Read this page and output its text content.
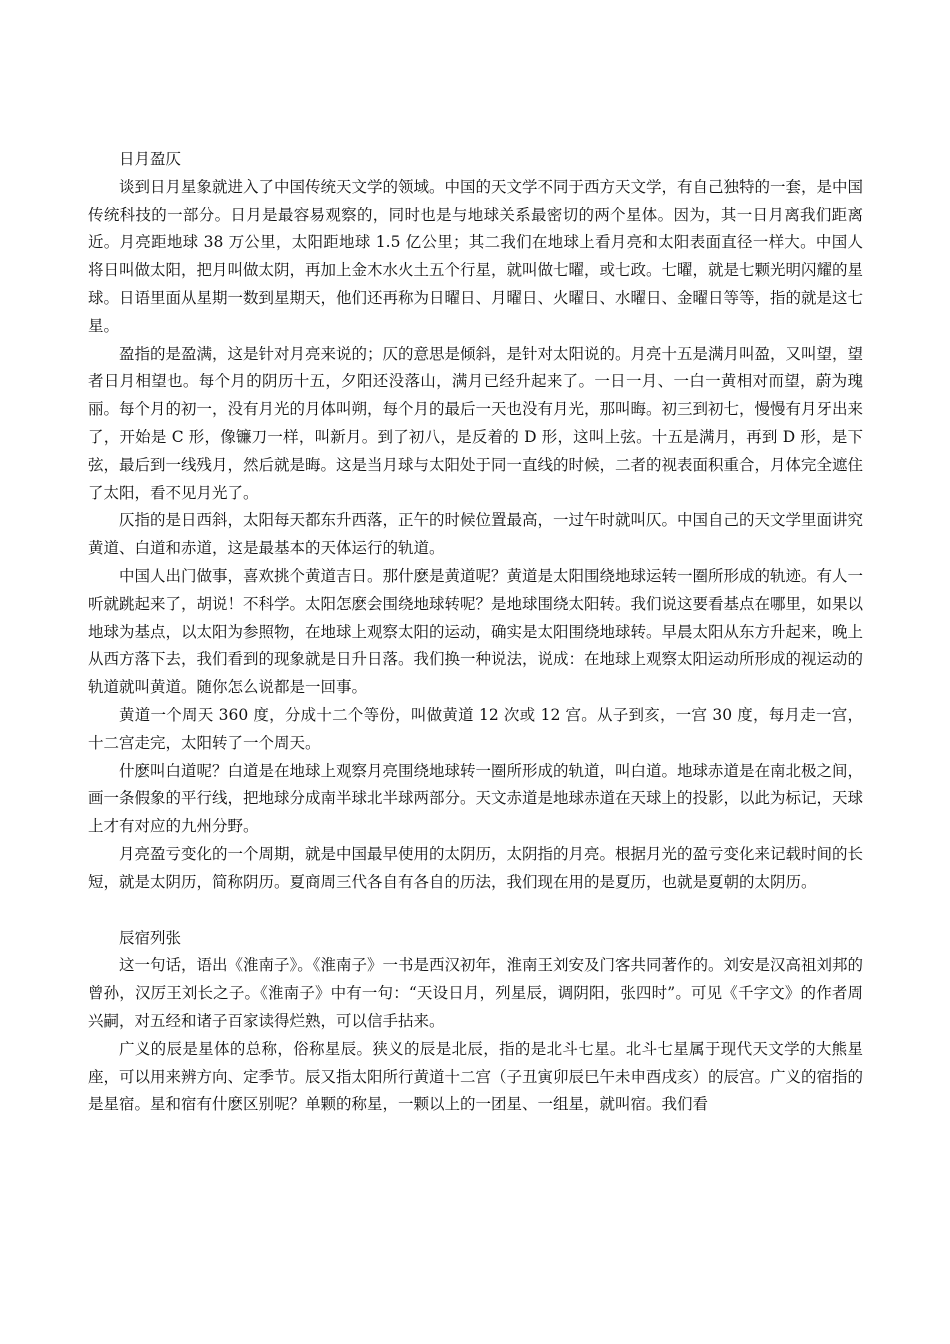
日月盈仄

谈到日月星象就进入了中国传统天文学的领域。中国的天文学不同于西方天文学，有自己独特的一套，是中国传统科技的一部分。日月是最容易观察的，同时也是与地球关系最密切的两个星体。因为，其一日月离我们距离近。月亮距地球 38 万公里，太阳距地球 1.5 亿公里；其二我们在地球上看月亮和太阳表面直径一样大。中国人将日叫做太阳，把月叫做太阴，再加上金木水火土五个行星，就叫做七曜，或七政。七曜，就是七颗光明闪耀的星球。日语里面从星期一数到星期天，他们还再称为日曜日、月曜日、火曜日、水曜日、金曜日等等，指的就是这七星。

盈指的是盈满，这是针对月亮来说的；仄的意思是倾斜，是针对太阳说的。月亮十五是满月叫盈，又叫望，望者日月相望也。每个月的阴历十五，夕阳还没落山，满月已经升起来了。一日一月、一白一黄相对而望，蔚为瑰丽。每个月的初一，没有月光的月体叫朔，每个月的最后一天也没有月光，那叫晦。初三到初七，慢慢有月牙出来了，开始是 C 形，像镰刀一样，叫新月。到了初八，是反着的 D 形，这叫上弦。十五是满月，再到 D 形，是下弦，最后到一线残月，然后就是晦。这是当月球与太阳处于同一直线的时候，二者的视表面积重合，月体完全遮住了太阳，看不见月光了。

仄指的是日西斜，太阳每天都东升西落，正午的时候位置最高，一过午时就叫仄。中国自己的天文学里面讲究黄道、白道和赤道，这是最基本的天体运行的轨道。

中国人出门做事，喜欢挑个黄道吉日。那什麽是黄道呢？黄道是太阳围绕地球运转一圈所形成的轨迹。有人一听就跳起来了，胡说！不科学。太阳怎麽会围绕地球转呢？是地球围绕太阳转。我们说这要看基点在哪里，如果以地球为基点，以太阳为参照物，在地球上观察太阳的运动，确实是太阳围绕地球转。早晨太阳从东方升起来，晚上从西方落下去，我们看到的现象就是日升日落。我们换一种说法，说成：在地球上观察太阳运动所形成的视运动的轨道就叫黄道。随你怎么说都是一回事。

黄道一个周天 360 度，分成十二个等份，叫做黄道 12 次或 12 宫。从子到亥，一宫 30 度，每月走一宫，十二宫走完，太阳转了一个周天。

什麽叫白道呢？白道是在地球上观察月亮围绕地球转一圈所形成的轨道，叫白道。地球赤道是在南北极之间，画一条假象的平行线，把地球分成南半球北半球两部分。天文赤道是地球赤道在天球上的投影，以此为标记，天球上才有对应的九州分野。

月亮盈亏变化的一个周期，就是中国最早使用的太阴历，太阴指的月亮。根据月光的盈亏变化来记载时间的长短，就是太阴历，简称阴历。夏商周三代各自有各自的历法，我们现在用的是夏历，也就是夏朝的太阴历。

辰宿列张

这一句话，语出《淮南子》。《淮南子》一书是西汉初年，淮南王刘安及门客共同著作的。刘安是汉高祖刘邦的曾孙，汉厉王刘长之子。《淮南子》中有一句：“天设日月，列星辰，调阴阳，张四时”。可见《千字文》的作者周兴嗣，对五经和诸子百家读得烂熟，可以信手拈来。

广义的辰是星体的总称，俗称星辰。狭义的辰是北辰，指的是北斗七星。北斗七星属于现代天文学的大熊星座，可以用来辨方向、定季节。辰又指太阳所行黄道十二宫（子丑寅卯辰巳午未申酉戌亥）的辰宫。广义的宿指的是星宿。星和宿有什麽区别呢？单颗的称星，一颗以上的一团星、一组星，就叫宿。我们看
